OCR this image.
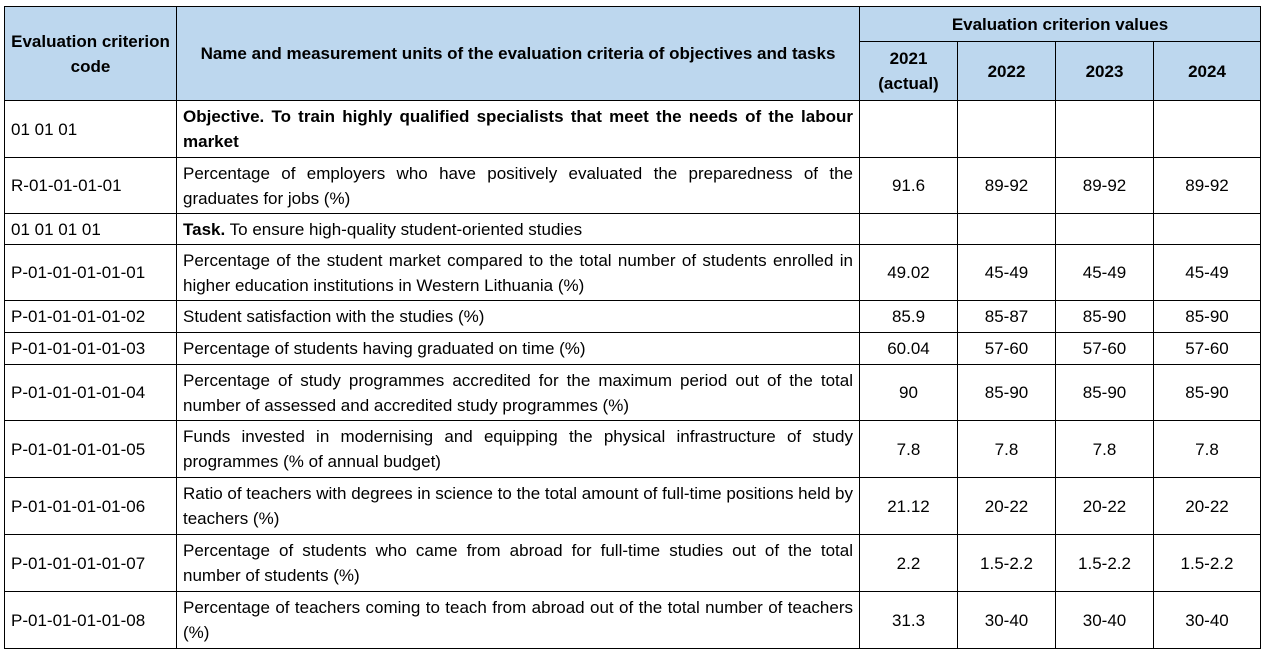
Evaluation criterion code	Name and measurement units of the evaluation criteria of objectives and tasks	Evaluation criterion values			
		2021 (actual)	2022	2023	2024
01 01 01	Objective. To train highly qualified specialists that meet the needs of the labour market				
R-01-01-01-01	Percentage of employers who have positively evaluated the preparedness of the graduates for jobs (%)	91.6	89-92	89-92	89-92
01 01 01 01	Task. To ensure high-quality student-oriented studies				
P-01-01-01-01-01	Percentage of the student market compared to the total number of students enrolled in higher education institutions in Western Lithuania (%)	49.02	45-49	45-49	45-49
P-01-01-01-01-02	Student satisfaction with the studies (%)	85.9	85-87	85-90	85-90
P-01-01-01-01-03	Percentage of students having graduated on time (%)	60.04	57-60	57-60	57-60
P-01-01-01-01-04	Percentage of study programmes accredited for the maximum period out of the total number of assessed and accredited study programmes (%)	90	85-90	85-90	85-90
P-01-01-01-01-05	Funds invested in modernising and equipping the physical infrastructure of study programmes (% of annual budget)	7.8	7.8	7.8	7.8
P-01-01-01-01-06	Ratio of teachers with degrees in science to the total amount of full-time positions held by teachers (%)	21.12	20-22	20-22	20-22
P-01-01-01-01-07	Percentage of students who came from abroad for full-time studies out of the total number of students (%)	2.2	1.5-2.2	1.5-2.2	1.5-2.2
P-01-01-01-01-08	Percentage of teachers coming to teach from abroad out of the total number of teachers (%)	31.3	30-40	30-40	30-40
